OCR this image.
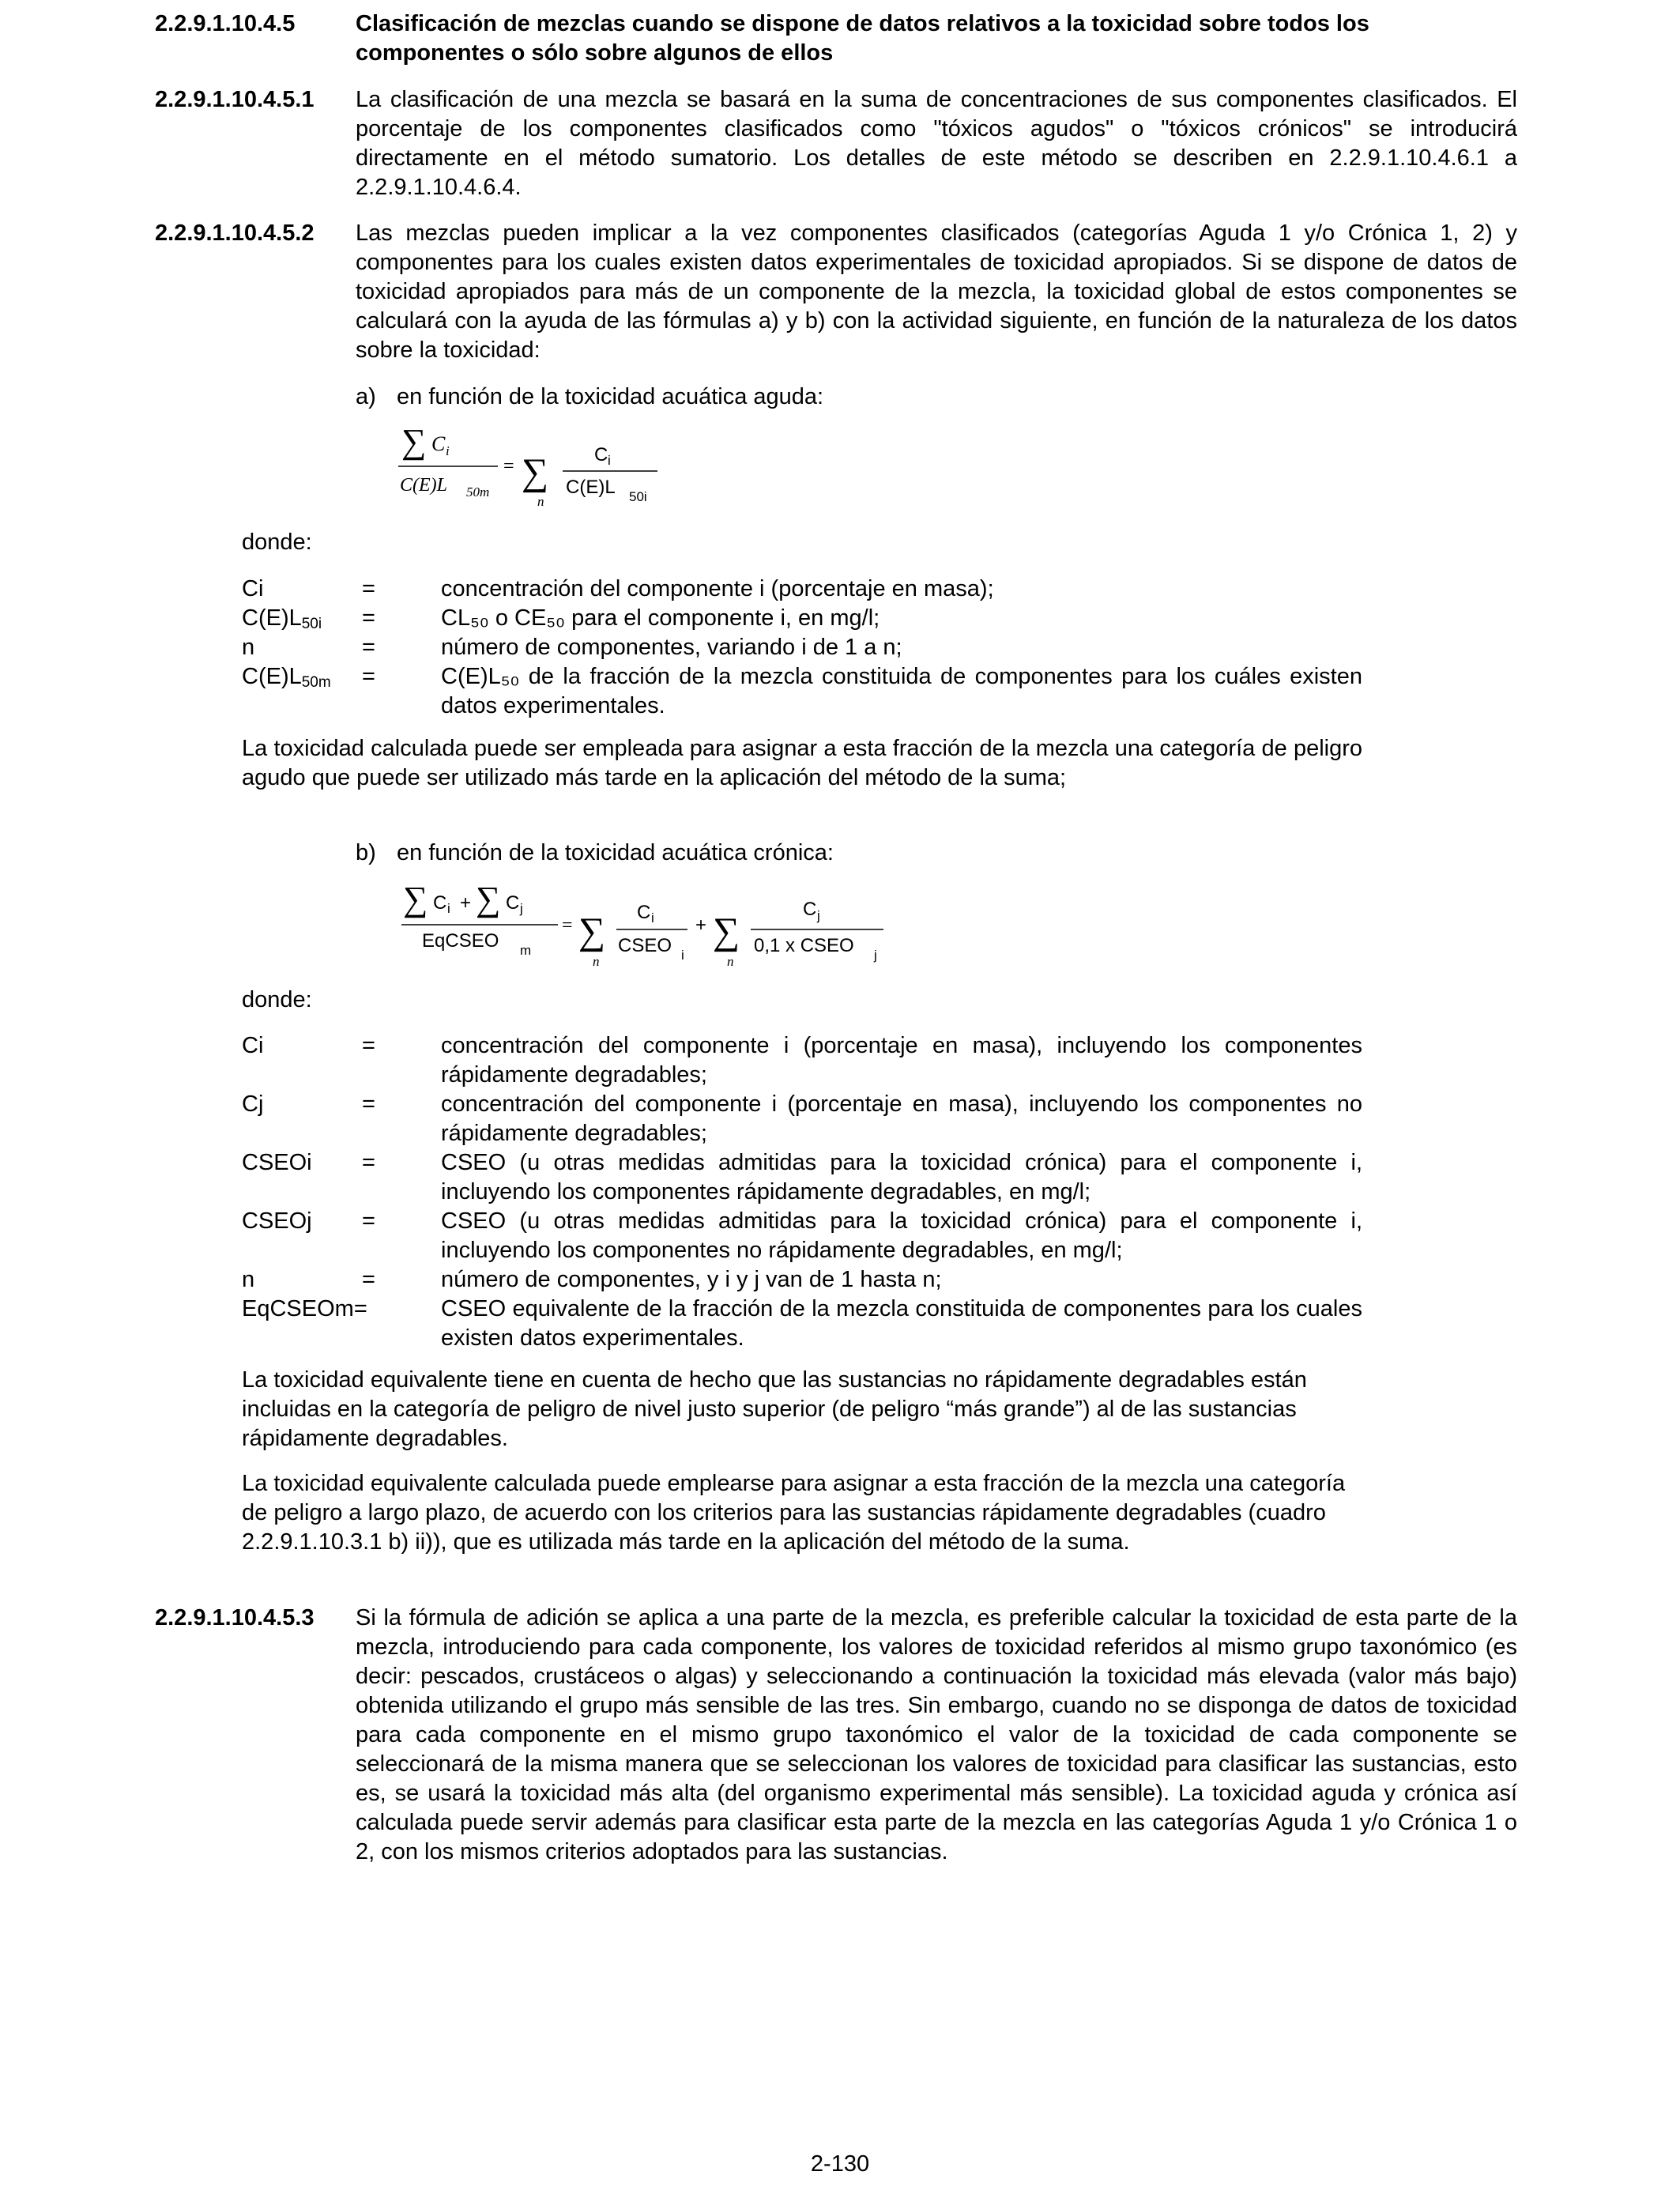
2.2.9.1.10.4.5	Clasificación de mezclas cuando se dispone de datos relativos a la toxicidad sobre todos los componentes o sólo sobre algunos de ellos
2.2.9.1.10.4.5.1 La clasificación de una mezcla se basará en la suma de concentraciones de sus componentes clasificados. El porcentaje de los componentes clasificados como "tóxicos agudos" o "tóxicos crónicos" se introducirá directamente en el método sumatorio. Los detalles de este método se describen en 2.2.9.1.10.4.6.1 a 2.2.9.1.10.4.6.4.
2.2.9.1.10.4.5.2 Las mezclas pueden implicar a la vez componentes clasificados (categorías Aguda 1 y/o Crónica 1, 2) y componentes para los cuales existen datos experimentales de toxicidad apropiados. Si se dispone de datos de toxicidad apropiados para más de un componente de la mezcla, la toxicidad global de estos componentes se calculará con la ayuda de las fórmulas a) y b) con la actividad siguiente, en función de la naturaleza de los datos sobre la toxicidad:
a) en función de la toxicidad acuática aguda:
∑ C i
C(E)L 50m
= ∑
n
C i
C(E)L 50i
donde:
Ci	=	concentración del componente i (porcentaje en masa);
$C(E)L_{50i}$ =	CL₅₀ o CE₅₀ para el componente i, en mg/l;
n	=	número de componentes, variando i de 1 a n;
$C(E)L_{50m}$ =	C(E)L₅₀ de la fracción de la mezcla constituida de componentes para los cuáles existen datos experimentales.
La toxicidad calculada puede ser empleada para asignar a esta fracción de la mezcla una categoría de peligro agudo que puede ser utilizado más tarde en la aplicación del método de la suma;
b) en función de la toxicidad acuática crónica:
∑ C i + ∑ C j
EqCSEO m
= ∑
n
C i
CSEO i
+ ∑
n
C j
0,1 x CSEO j
donde:
Ci	=	concentración del componente i (porcentaje en masa), incluyendo los componentes rápidamente degradables;
Cj	=	concentración del componente i (porcentaje en masa), incluyendo los componentes no rápidamente degradables;
CSEOi =	CSEO (u otras medidas admitidas para la toxicidad crónica) para el componente i, incluyendo los componentes rápidamente degradables, en mg/l;
CSEOj =	CSEO (u otras medidas admitidas para la toxicidad crónica) para el componente i, incluyendo los componentes no rápidamente degradables, en mg/l;
n	=	número de componentes, y i y j van de 1 hasta n;
EqCSEOm=	CSEO equivalente de la fracción de la mezcla constituida de componentes para los cuales existen datos experimentales.
La toxicidad equivalente tiene en cuenta de hecho que las sustancias no rápidamente degradables están incluidas en la categoría de peligro de nivel justo superior (de peligro “más grande”) al de las sustancias rápidamente degradables.
La toxicidad equivalente calculada puede emplearse para asignar a esta fracción de la mezcla una categoría de peligro a largo plazo, de acuerdo con los criterios para las sustancias rápidamente degradables (cuadro 2.2.9.1.10.3.1 b) ii)), que es utilizada más tarde en la aplicación del método de la suma.
2.2.9.1.10.4.5.3 Si la fórmula de adición se aplica a una parte de la mezcla, es preferible calcular la toxicidad de esta parte de la mezcla, introduciendo para cada componente, los valores de toxicidad referidos al mismo grupo taxonómico (es decir: pescados, crustáceos o algas) y seleccionando a continuación la toxicidad más elevada (valor más bajo) obtenida utilizando el grupo más sensible de las tres. Sin embargo, cuando no se disponga de datos de toxicidad para cada componente en el mismo grupo taxonómico el valor de la toxicidad de cada componente se seleccionará de la misma manera que se seleccionan los valores de toxicidad para clasificar las sustancias, esto es, se usará la toxicidad más alta (del organismo experimental más sensible). La toxicidad aguda y crónica así calculada puede servir además para clasificar esta parte de la mezcla en las categorías Aguda 1 y/o Crónica 1 o 2, con los mismos criterios adoptados para las sustancias.
2-130
